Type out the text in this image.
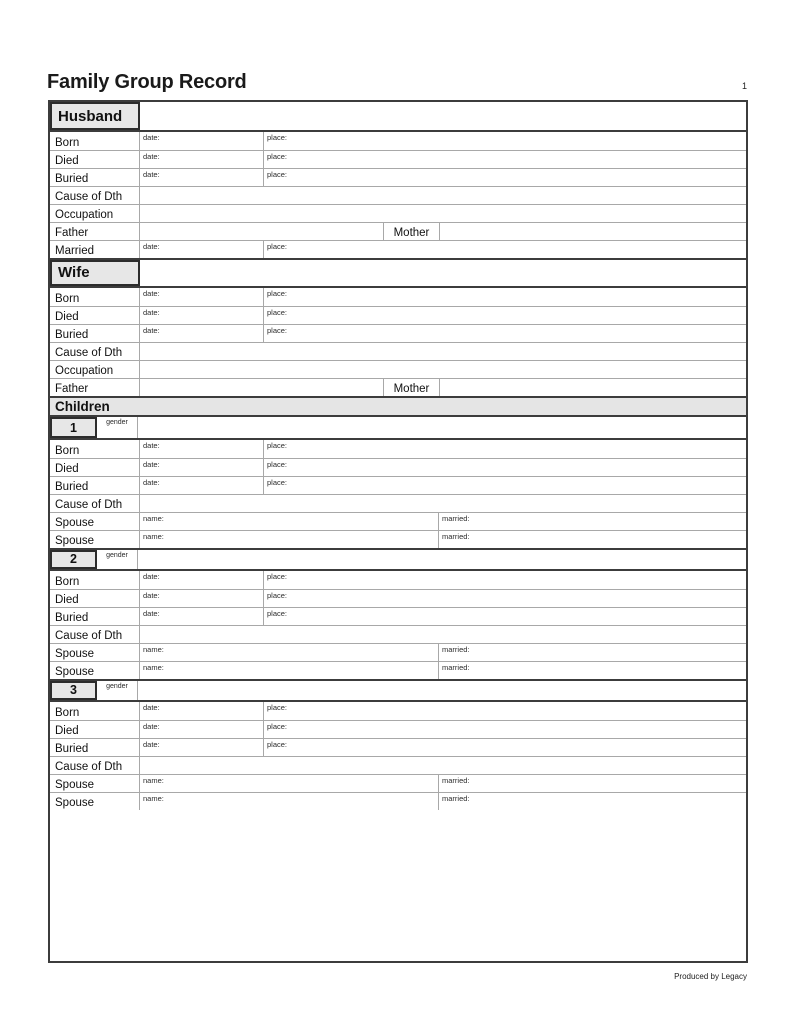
Family Group Record	1
Husband
Born	date:	place:
Died	date:	place:
Buried	date:	place:
Cause of Dth
Occupation
Father	Mother
Married	date:	place:
Wife
Born	date:	place:
Died	date:	place:
Buried	date:	place:
Cause of Dth
Occupation
Father	Mother
Children
1	gender
Born	date:	place:
Died	date:	place:
Buried	date:	place:
Cause of Dth
Spouse	name:	married:
Spouse	name:	married:
2	gender
Born	date:	place:
Died	date:	place:
Buried	date:	place:
Cause of Dth
Spouse	name:	married:
Spouse	name:	married:
3	gender
Born	date:	place:
Died	date:	place:
Buried	date:	place:
Cause of Dth
Spouse	name:	married:
Spouse	name:	married:
Produced by Legacy
